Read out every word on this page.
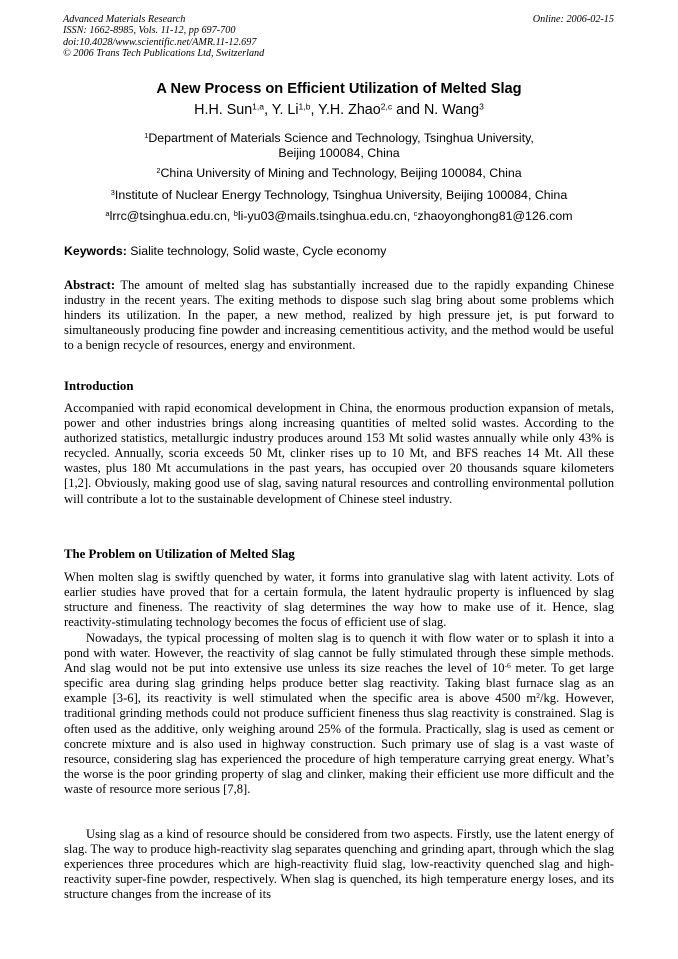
Advanced Materials Research
ISSN: 1662-8985, Vols. 11-12, pp 697-700
doi:10.4028/www.scientific.net/AMR.11-12.697
© 2006 Trans Tech Publications Ltd, Switzerland
Online: 2006-02-15
A New Process on Efficient Utilization of Melted Slag
H.H. Sun$^{1,a}$, Y. Li$^{1,b}$, Y.H. Zhao$^{2,c}$ and N. Wang$^3$
$^1$Department of Materials Science and Technology, Tsinghua University,
Beijing 100084, China
$^2$China University of Mining and Technology, Beijing 100084, China
$^3$Institute of Nuclear Energy Technology, Tsinghua University, Beijing 100084, China
$^a$lrrc@tsinghua.edu.cn, $^b$li-yu03@mails.tsinghua.edu.cn, $^c$zhaoyonghong81@126.com
Keywords: Sialite technology, Solid waste, Cycle economy
Abstract: The amount of melted slag has substantially increased due to the rapidly expanding Chinese industry in the recent years. The exiting methods to dispose such slag bring about some problems which hinders its utilization. In the paper, a new method, realized by high pressure jet, is put forward to simultaneously producing fine powder and increasing cementitious activity, and the method would be useful to a benign recycle of resources, energy and environment.
Introduction
Accompanied with rapid economical development in China, the enormous production expansion of metals, power and other industries brings along increasing quantities of melted solid wastes. According to the authorized statistics, metallurgic industry produces around 153 Mt solid wastes annually while only 43% is recycled. Annually, scoria exceeds 50 Mt, clinker rises up to 10 Mt, and BFS reaches 14 Mt. All these wastes, plus 180 Mt accumulations in the past years, has occupied over 20 thousands square kilometers [1,2]. Obviously, making good use of slag, saving natural resources and controlling environmental pollution will contribute a lot to the sustainable development of Chinese steel industry.
The Problem on Utilization of Melted Slag
When molten slag is swiftly quenched by water, it forms into granulative slag with latent activity. Lots of earlier studies have proved that for a certain formula, the latent hydraulic property is influenced by slag structure and fineness. The reactivity of slag determines the way how to make use of it. Hence, slag reactivity-stimulating technology becomes the focus of efficient use of slag.
Nowadays, the typical processing of molten slag is to quench it with flow water or to splash it into a pond with water. However, the reactivity of slag cannot be fully stimulated through these simple methods. And slag would not be put into extensive use unless its size reaches the level of $10^{-6}$ meter. To get large specific area during slag grinding helps produce better slag reactivity. Taking blast furnace slag as an example [3-6], its reactivity is well stimulated when the specific area is above 4500 $m^2/kg$. However, traditional grinding methods could not produce sufficient fineness thus slag reactivity is constrained. Slag is often used as the additive, only weighing around 25% of the formula. Practically, slag is used as cement or concrete mixture and is also used in highway construction. Such primary use of slag is a vast waste of resource, considering slag has experienced the procedure of high temperature carrying great energy. What’s the worse is the poor grinding property of slag and clinker, making their efficient use more difficult and the waste of resource more serious [7,8].
Using slag as a kind of resource should be considered from two aspects. Firstly, use the latent energy of slag. The way to produce high-reactivity slag separates quenching and grinding apart, through which the slag experiences three procedures which are high-reactivity fluid slag, low-reactivity quenched slag and high-reactivity super-fine powder, respectively. When slag is quenched, its high temperature energy loses, and its structure changes from the increase of its
